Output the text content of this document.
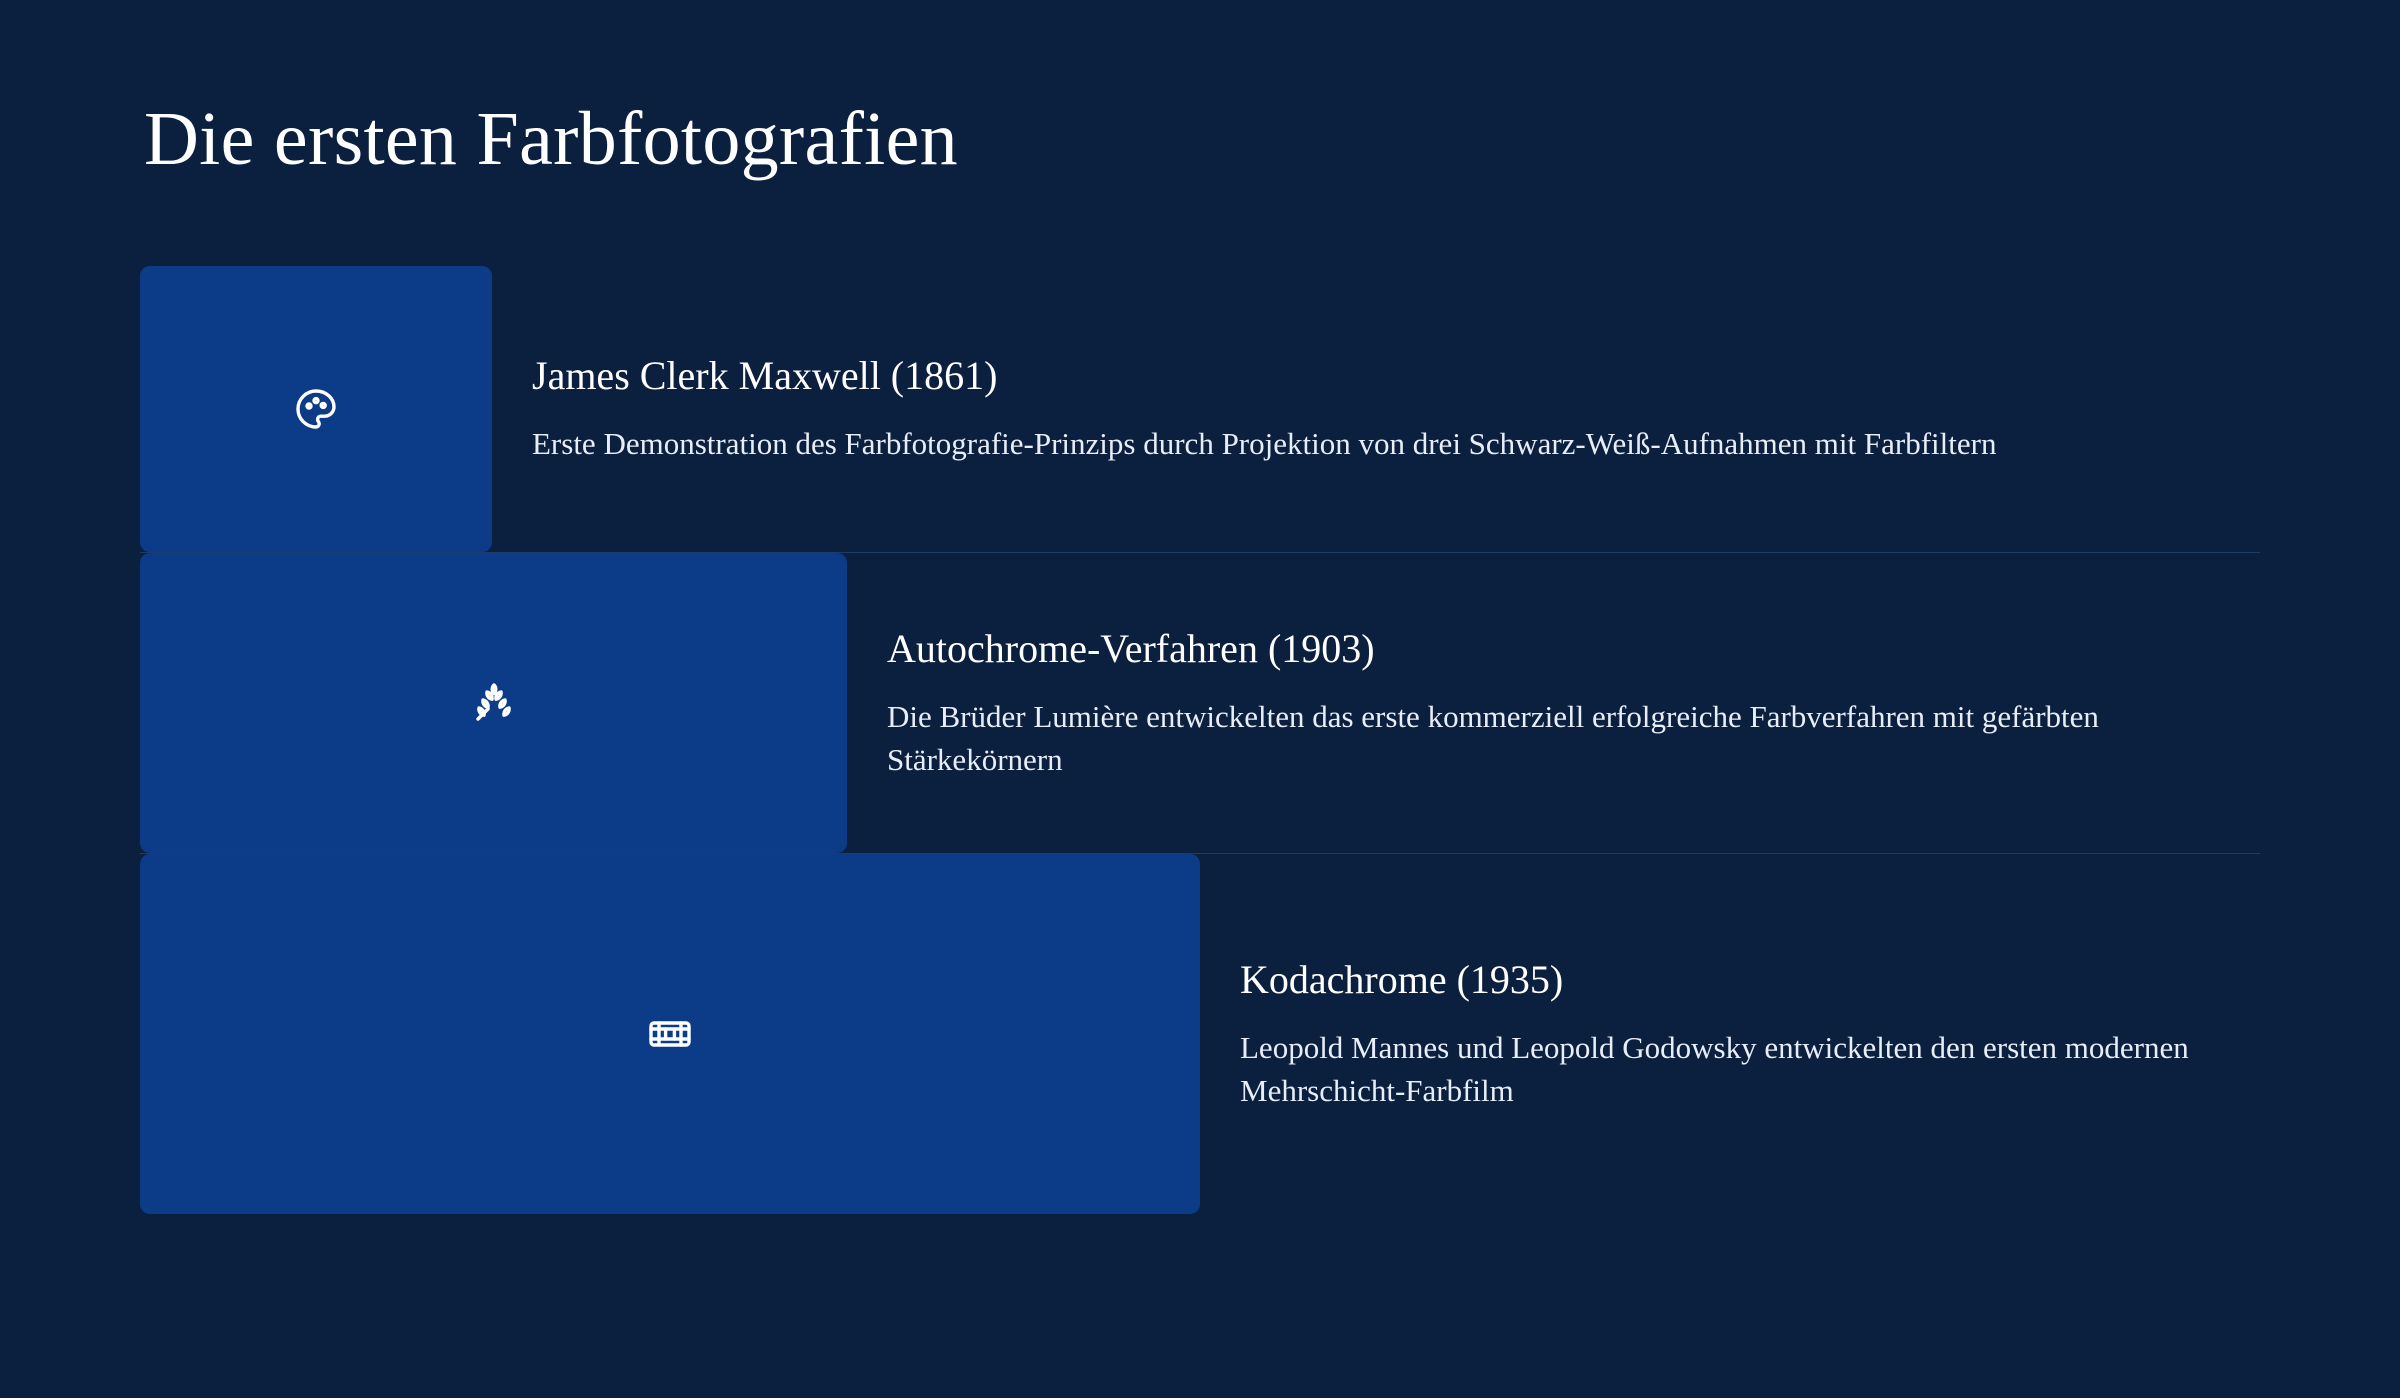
Die ersten Farbfotografien
James Clerk Maxwell (1861)

Erste Demonstration des Farbfotografie-Prinzips durch Projektion von drei Schwarz-Weiß-Aufnahmen mit Farbfiltern

Autochrome-Verfahren (1903)

Die Brüder Lumière entwickelten das erste kommerziell erfolgreiche Farbverfahren mit gefärbten Stärkekörnern

Kodachrome (1935)

Leopold Mannes und Leopold Godowsky entwickelten den ersten modernen Mehrschicht-Farbfilm
